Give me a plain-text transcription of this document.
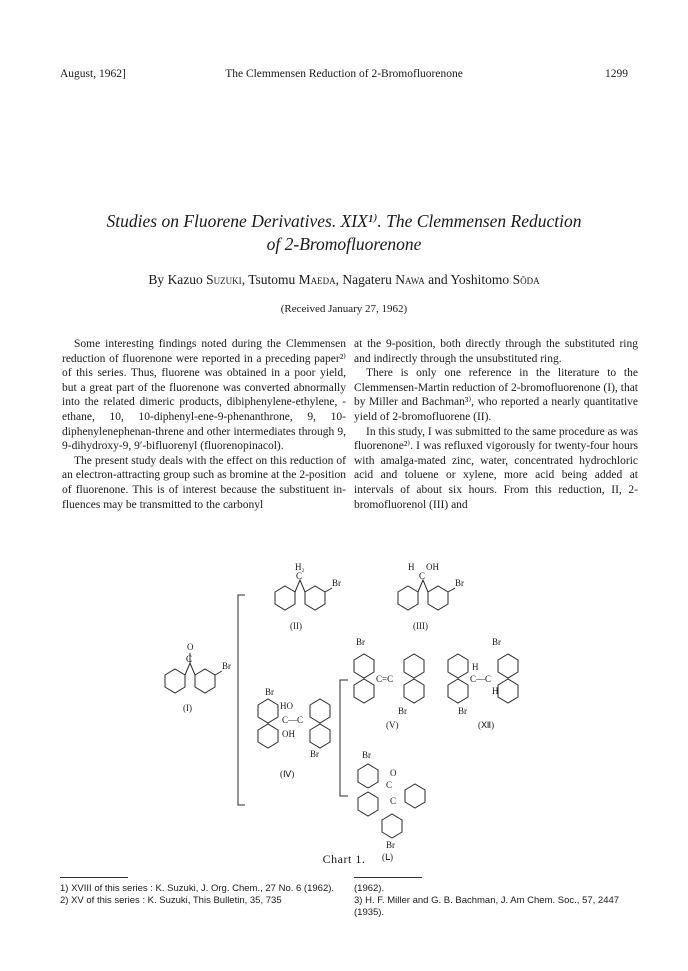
August, 1962]	The Clemmensen Reduction of 2-Bromofluorenone	1299
Studies on Fluorene Derivatives. XIX¹⁾. The Clemmensen Reduction
of 2-Bromofluorenone
By Kazuo Suzuki, Tsutomu Maeda, Nagateru Nawa and Yoshitomo Sōda
(Received January 27, 1962)

Some interesting findings noted during the Clemmensen reduction of fluorenone were reported in a preceding paper²⁾ of this series. Thus, fluorene was obtained in a poor yield, but a great part of the fluorenone was converted abnormally into the related dimeric products, dibiphenylene-ethylene, -ethane, 10, 10-diphenyl-ene-9-phenanthrone, 9, 10-diphenylenephenan-threne and other intermediates through 9, 9-dihydroxy-9, 9′-bifluorenyl (fluorenopinacol).

The present study deals with the effect on this reduction of an electron-attracting group such as bromine at the 2-position of fluorenone. This is of interest because the substituent in-fluences may be transmitted to the carbonyl

at the 9-position, both directly through the substituted ring and indirectly through the unsubstituted ring.

There is only one reference in the literature to the Clemmensen-Martin reduction of 2-bromofluorenone (I), that by Miller and Bachman³⁾, who reported a nearly quantitative yield of 2-bromofluorene (II).

In this study, I was submitted to the same procedure as was fluorenone²⁾. I was refluxed vigorously for twenty-four hours with amalga-mated zinc, water, concentrated hydrochloric acid and toluene or xylene, more acid being added at intervals of about six hours. From this reduction, II, 2-bromofluorenol (III) and

O
C
Br
(I)
H₂
C
Br
(II)
H OH
C
Br
(III)
Br
HO
C—C
OH
Br
(Ⅳ)
Br
C=C
Br
(V)
Br
H
C—C
H
Br
(Ⅻ)
Br
O
C
C
Br
(Ⅼ)
Chart 1.
1) XVIII of this series : K. Suzuki, J. Org. Chem., 27 No. 6 (1962).
2) XV of this series : K. Suzuki, This Bulletin, 35, 735
(1962).
3) H. F. Miller and G. B. Bachman, J. Am Chem. Soc., 57, 2447 (1935).
